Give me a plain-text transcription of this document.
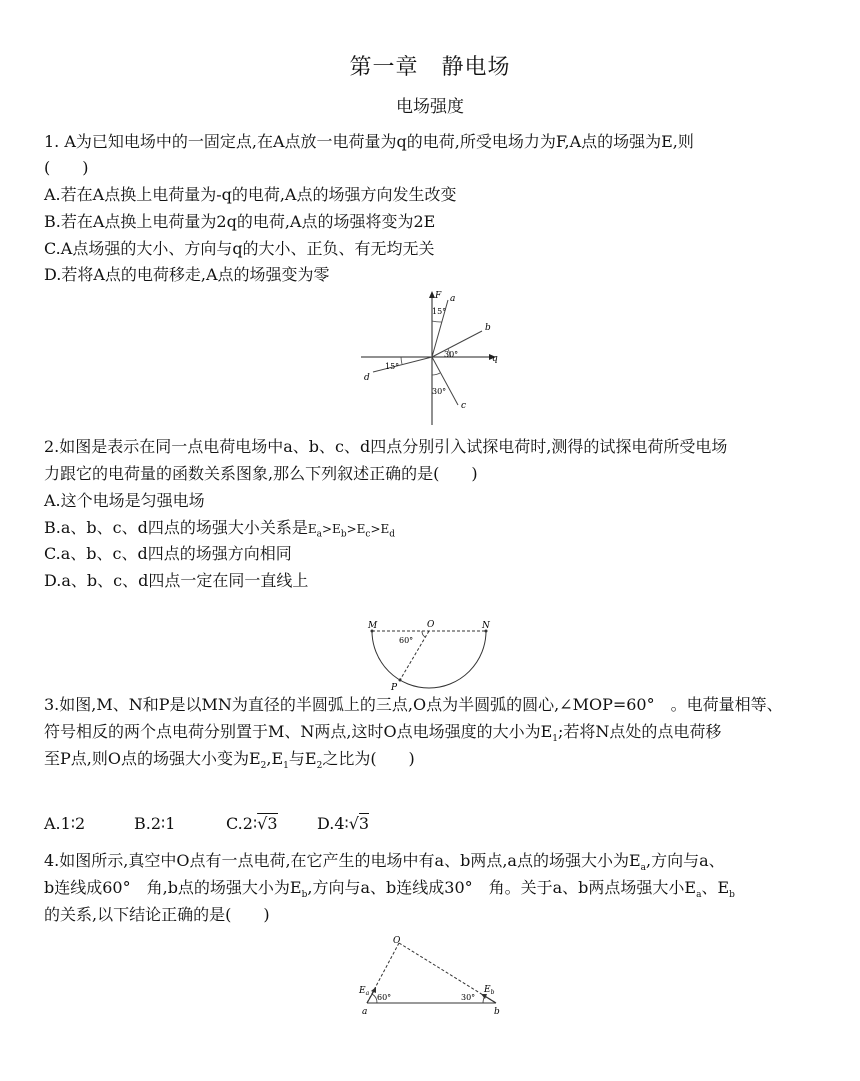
第一章　静电场
电场强度
1. A为已知电场中的一固定点,在A点放一电荷量为q的电荷,所受电场力为F,A点的场强为E,则
(　　)
A.若在A点换上电荷量为-q的电荷,A点的场强方向发生改变
B.若在A点换上电荷量为2q的电荷,A点的场强将变为2E
C.A点场强的大小、方向与q的大小、正负、有无均无关
D.若将A点的电荷移走,A点的场强变为零
F a
b
q
c
d
15°
30°
30°
15°
2.如图是表示在同一点电荷电场中a、b、c、d四点分别引入试探电荷时,测得的试探电荷所受电场
力跟它的电荷量的函数关系图象,那么下列叙述正确的是(　　)
A.这个电场是匀强电场
B.a、b、c、d四点的场强大小关系是$E_a>E_b>E_c>E_d$
C.a、b、c、d四点的场强方向相同
D.a、b、c、d四点一定在同一直线上
M	O	N
P
60°
3.如图,M、N和P是以MN为直径的半圆弧上的三点,O点为半圆弧的圆心,∠MOP=60°　。电荷量相等、
符号相反的两个点电荷分别置于M、N两点,这时O点电场强度的大小为$E_1$;若将N点处的点电荷移
至P点,则O点的场强大小变为$E_2,E_1$与$E_2$之比为(　　)
A.1∶2	B.2∶1	C.2∶√3 D.4∶√3
4.如图所示,真空中O点有一点电荷,在它产生的电场中有a、b两点,a点的场强大小为$E_a$,方向与a、
b连线成60°　角,b点的场强大小为$E_b$,方向与a、b连线成30°　角。关于a、b两点场强大小$E_a$、$E_b$
的关系,以下结论正确的是(　　)
O
a	b
$E_a$	$E_b$
60°	30°
